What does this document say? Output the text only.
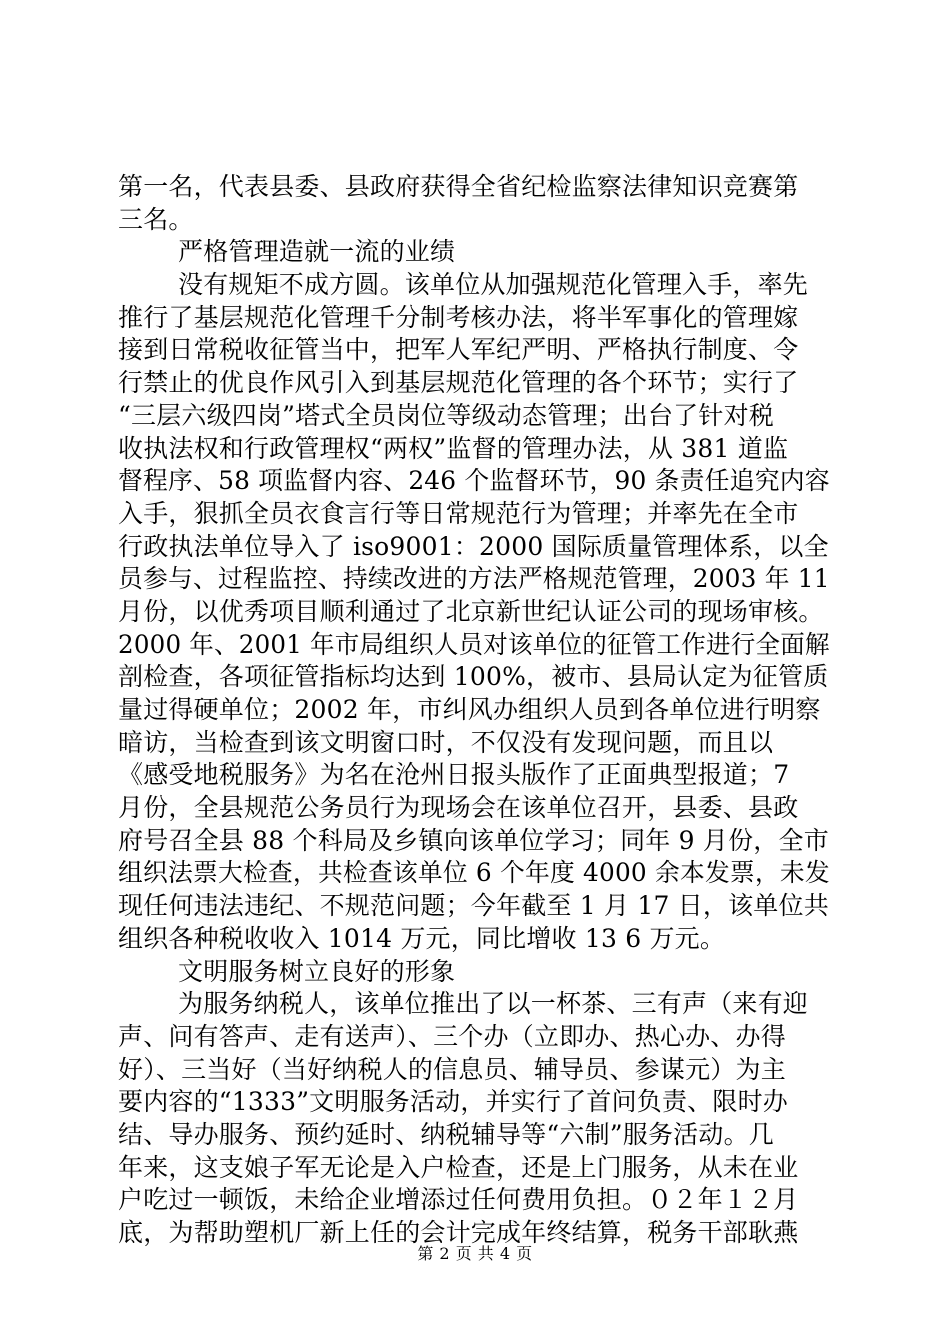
第一名，代表县委、县政府获得全省纪检监察法律知识竞赛第
三名。
严格管理造就一流的业绩
没有规矩不成方圆。该单位从加强规范化管理入手，率先
推行了基层规范化管理千分制考核办法，将半军事化的管理嫁
接到日常税收征管当中，把军人军纪严明、严格执行制度、令
行禁止的优良作风引入到基层规范化管理的各个环节；实行了
“三层六级四岗”塔式全员岗位等级动态管理；出台了针对税
收执法权和行政管理权“两权”监督的管理办法，从 381 道监
督程序、58 项监督内容、246 个监督环节，90 条责任追究内容
入手，狠抓全员衣食言行等日常规范行为管理；并率先在全市
行政执法单位导入了 iso9001：2000 国际质量管理体系，以全
员参与、过程监控、持续改进的方法严格规范管理，2003 年 11
月份，以优秀项目顺利通过了北京新世纪认证公司的现场审核。
2000 年、2001 年市局组织人员对该单位的征管工作进行全面解
剖检查，各项征管指标均达到 100%，被市、县局认定为征管质
量过得硬单位；2002 年，市纠风办组织人员到各单位进行明察
暗访，当检查到该文明窗口时，不仅没有发现问题，而且以
《感受地税服务》为名在沧州日报头版作了正面典型报道；7
月份，全县规范公务员行为现场会在该单位召开，县委、县政
府号召全县 88 个科局及乡镇向该单位学习；同年 9 月份，全市
组织法票大检查，共检查该单位 6 个年度 4000 余本发票，未发
现任何违法违纪、不规范问题；今年截至 1 月 17 日，该单位共
组织各种税收收入 1014 万元，同比增收 13 6 万元。
文明服务树立良好的形象
为服务纳税人，该单位推出了以一杯茶、三有声（来有迎
声、问有答声、走有送声）、三个办（立即办、热心办、办得
好）、三当好（当好纳税人的信息员、辅导员、参谋元）为主
要内容的“1333”文明服务活动，并实行了首问负责、限时办
结、导办服务、预约延时、纳税辅导等“六制”服务活动。几
年来，这支娘子军无论是入户检查，还是上门服务，从未在业
户吃过一顿饭，未给企业增添过任何费用负担。０２年１２月
底，为帮助塑机厂新上任的会计完成年终结算，税务干部耿燕
第 2 页 共 4 页
